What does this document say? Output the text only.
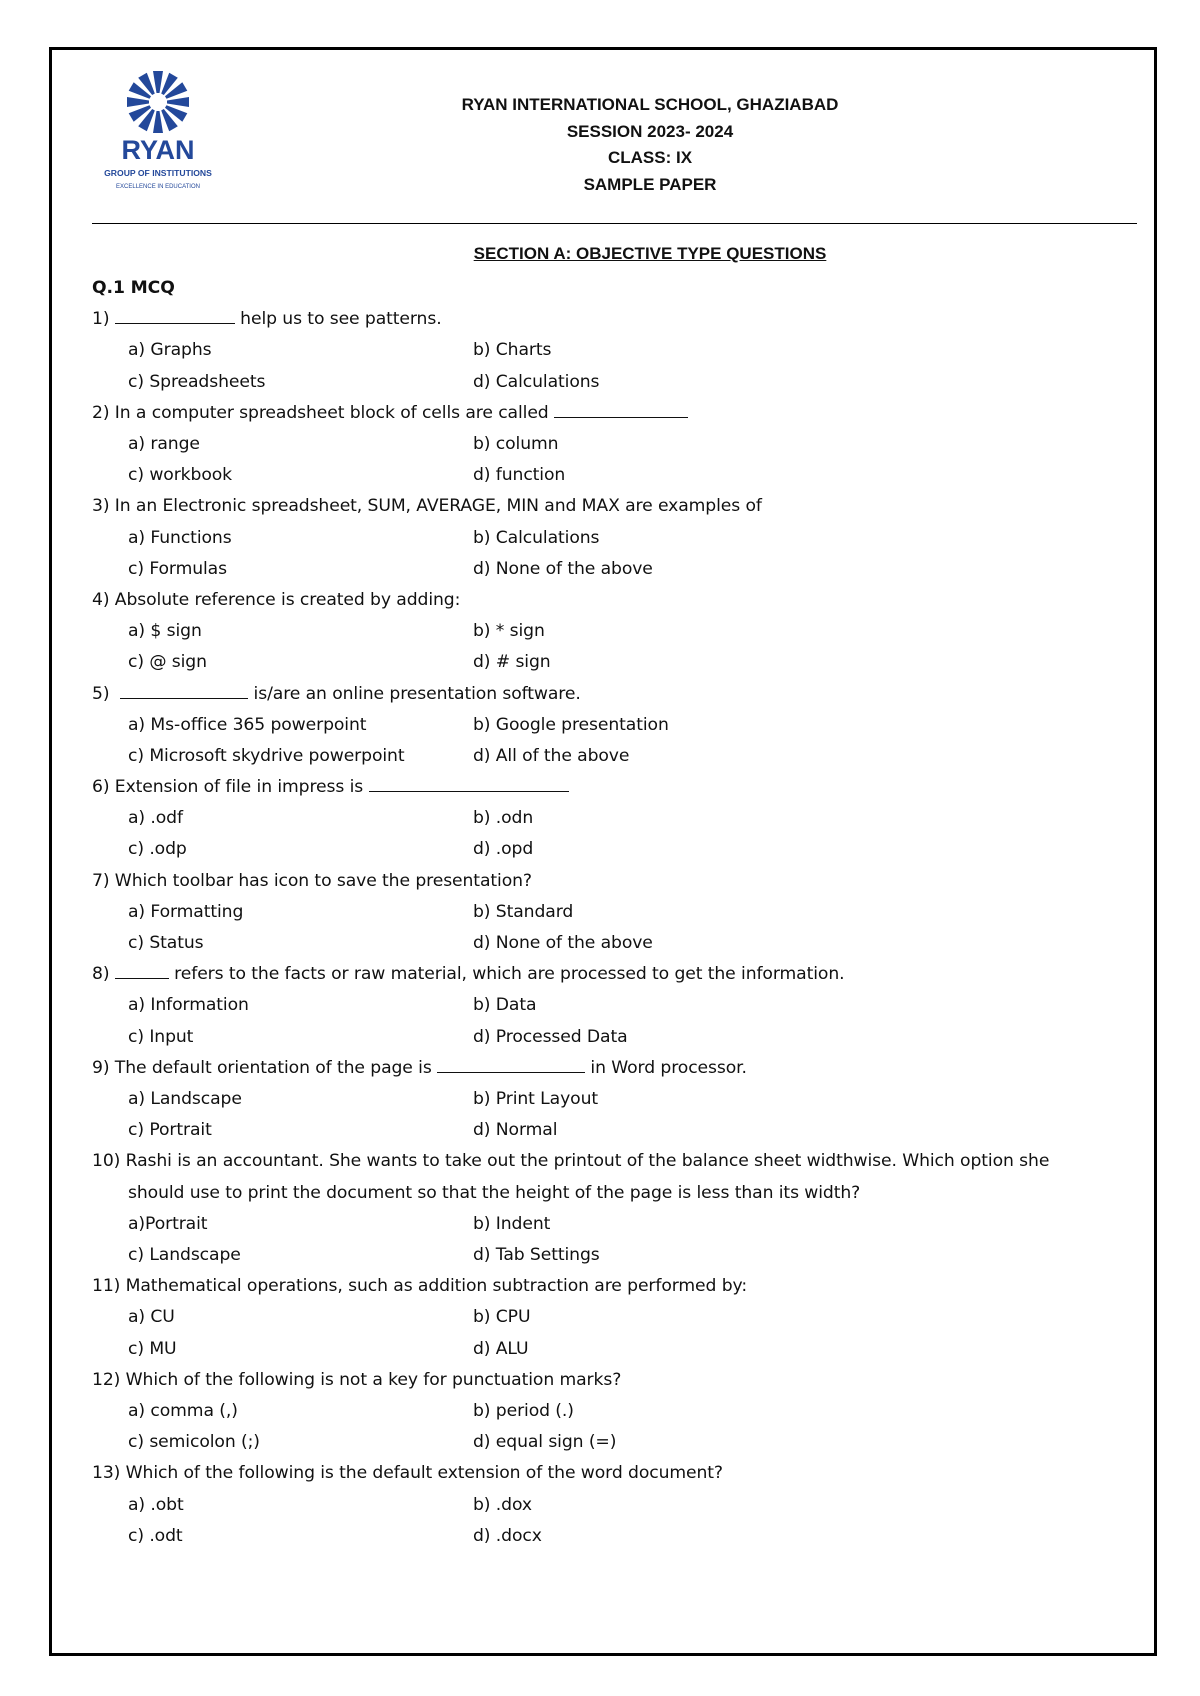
RYAN
GROUP OF INSTITUTIONS
EXCELLENCE IN EDUCATION
RYAN INTERNATIONAL SCHOOL, GHAZIABAD
SESSION 2023- 2024
CLASS: IX
SAMPLE PAPER
SECTION A: OBJECTIVE TYPE QUESTIONS
Q.1 MCQ
1)	help us to see patterns.
a) Graphs	b) Charts
c) Spreadsheets	d) Calculations
2) In a computer spreadsheet block of cells are called
a) range	b) column
c) workbook	d) function
3) In an Electronic spreadsheet, SUM, AVERAGE, MIN and MAX are examples of
a) Functions	b) Calculations
c) Formulas	d) None of the above
4) Absolute reference is created by adding:
a) $ sign	b) * sign
c) @ sign	d) # sign
5)	is/are an online presentation software.
a) Ms-office 365 powerpoint	b) Google presentation
c) Microsoft skydrive powerpoint	d) All of the above
6) Extension of file in impress is
a) .odf	b) .odn
c) .odp	d) .opd
7) Which toolbar has icon to save the presentation?
a) Formatting	b) Standard
c) Status	d) None of the above
8)	refers to the facts or raw material, which are processed to get the information.
a) Information	b) Data
c) Input	d) Processed Data
9) The default orientation of the page is	in Word processor.
a) Landscape	b) Print Layout
c) Portrait	d) Normal
10) Rashi is an accountant. She wants to take out the printout of the balance sheet widthwise. Which option she
should use to print the document so that the height of the page is less than its width?
a)Portrait	b) Indent
c) Landscape	d) Tab Settings
11) Mathematical operations, such as addition subtraction are performed by:
a) CU	b) CPU
c) MU	d) ALU
12) Which of the following is not a key for punctuation marks?
a) comma (,)	b) period (.)
c) semicolon (;)	d) equal sign (=)
13) Which of the following is the default extension of the word document?
a) .obt	b) .dox
c) .odt	d) .docx
